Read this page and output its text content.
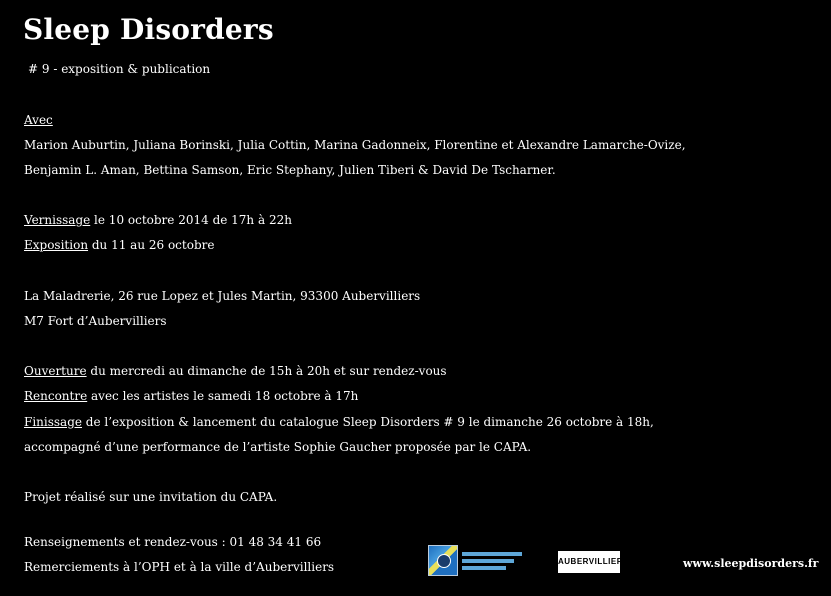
Sleep Disorders
# 9 - exposition & publication
Avec
Marion Auburtin, Juliana Borinski, Julia Cottin, Marina Gadonneix, Florentine et Alexandre Lamarche-Ovize,
Benjamin L. Aman, Bettina Samson, Eric Stephany, Julien Tiberi & David De Tscharner.
Vernissage le 10 octobre 2014 de 17h à 22h
Exposition du 11 au 26 octobre
La Maladrerie, 26 rue Lopez et Jules Martin, 93300 Aubervilliers
M7 Fort d’Aubervilliers
Ouverture du mercredi au dimanche de 15h à 20h et sur rendez-vous
Rencontre avec les artistes le samedi 18 octobre à 17h
Finissage de l’exposition & lancement du catalogue Sleep Disorders # 9 le dimanche 26 octobre à 18h,
accompagné d’une performance de l’artiste Sophie Gaucher proposée par le CAPA.
Projet réalisé sur une invitation du CAPA.
Renseignements et rendez-vous : 01 48 34 41 66
Remerciements à l’OPH et à la ville d’Aubervilliers	AUBERVILLIERS	www.sleepdisorders.fr
